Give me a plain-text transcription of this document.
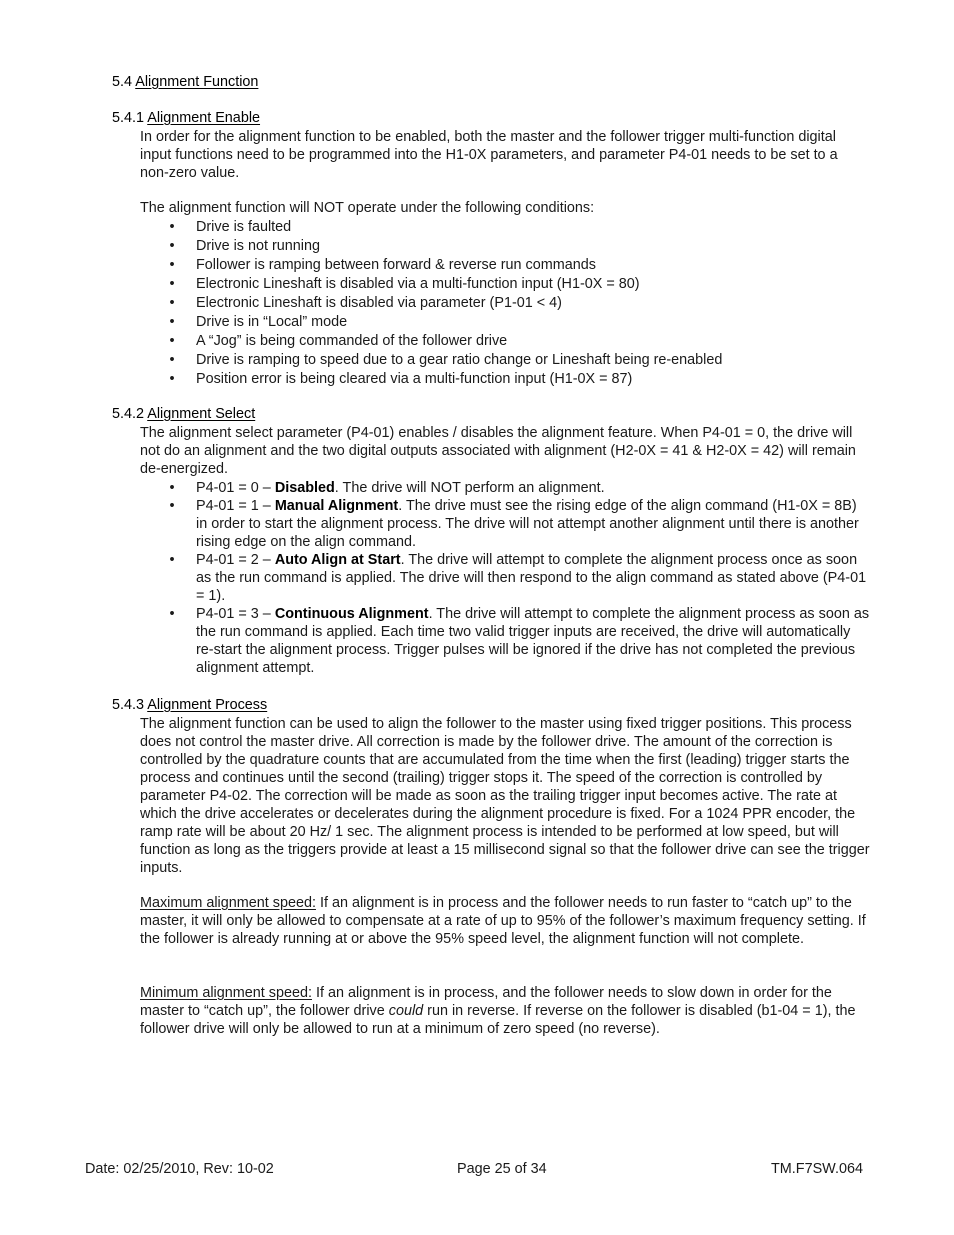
5.4 Alignment Function
5.4.1 Alignment Enable

In order for the alignment function to be enabled, both the master and the follower trigger multi-function digital input functions need to be programmed into the H1-0X parameters, and parameter P4-01 needs to be set to a non-zero value.

The alignment function will NOT operate under the following conditions:

• Drive is faulted
• Drive is not running
• Follower is ramping between forward & reverse run commands
• Electronic Lineshaft is disabled via a multi-function input (H1-0X = 80)
• Electronic Lineshaft is disabled via parameter (P1-01 < 4)
• Drive is in “Local” mode
• A “Jog” is being commanded of the follower drive
• Drive is ramping to speed due to a gear ratio change or Lineshaft being re-enabled
• Position error is being cleared via a multi-function input (H1-0X = 87)
5.4.2 Alignment Select

The alignment select parameter (P4-01) enables / disables the alignment feature. When P4-01 = 0, the drive will not do an alignment and the two digital outputs associated with alignment (H2-0X = 41 & H2-0X = 42) will remain de-energized.

• P4-01 = 0 – Disabled. The drive will NOT perform an alignment.
• P4-01 = 1 – Manual Alignment. The drive must see the rising edge of the align command (H1-0X = 8B) in order to start the alignment process. The drive will not attempt another alignment until there is another rising edge on the align command.
• P4-01 = 2 – Auto Align at Start. The drive will attempt to complete the alignment process once as soon as the run command is applied. The drive will then respond to the align command as stated above (P4-01 = 1).
• P4-01 = 3 – Continuous Alignment. The drive will attempt to complete the alignment process as soon as the run command is applied. Each time two valid trigger inputs are received, the drive will automatically re-start the alignment process. Trigger pulses will be ignored if the drive has not completed the previous alignment attempt.
5.4.3 Alignment Process

The alignment function can be used to align the follower to the master using fixed trigger positions. This process does not control the master drive. All correction is made by the follower drive. The amount of the correction is controlled by the quadrature counts that are accumulated from the time when the first (leading) trigger starts the process and continues until the second (trailing) trigger stops it. The speed of the correction is controlled by parameter P4-02. The correction will be made as soon as the trailing trigger input becomes active. The rate at which the drive accelerates or decelerates during the alignment procedure is fixed. For a 1024 PPR encoder, the ramp rate will be about 20 Hz/ 1 sec. The alignment process is intended to be performed at low speed, but will function as long as the triggers provide at least a 15 millisecond signal so that the follower drive can see the trigger inputs.

Maximum alignment speed: If an alignment is in process and the follower needs to run faster to “catch up” to the master, it will only be allowed to compensate at a rate of up to 95% of the follower’s maximum frequency setting. If the follower is already running at or above the 95% speed level, the alignment function will not complete.

Minimum alignment speed: If an alignment is in process, and the follower needs to slow down in order for the master to “catch up”, the follower drive could run in reverse. If reverse on the follower is disabled (b1-04 = 1), the follower drive will only be allowed to run at a minimum of zero speed (no reverse).

Date: 02/25/2010, Rev: 10-02	Page 25 of 34	TM.F7SW.064
